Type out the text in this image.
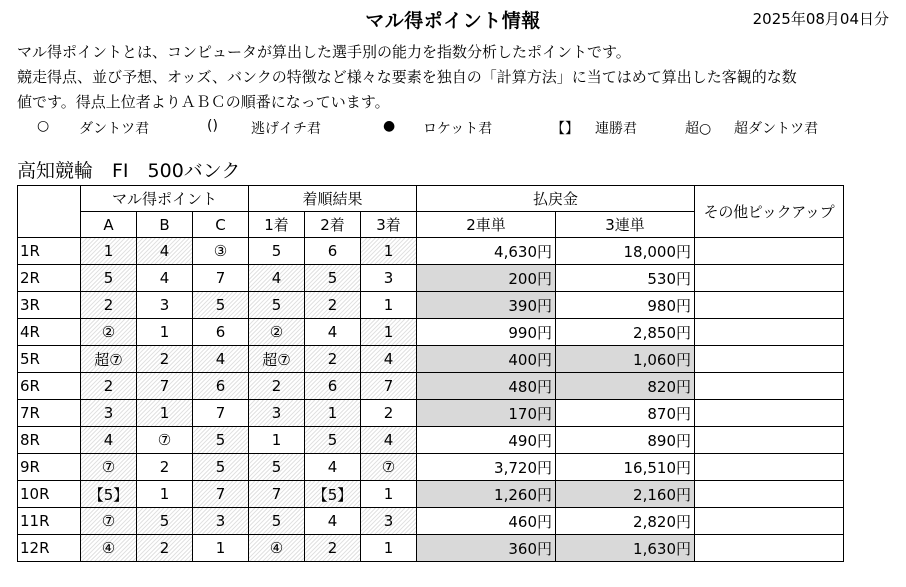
マル得ポイント情報	2025年08月04日分
マル得ポイントとは、コンピュータが算出した選手別の能力を指数分析したポイントです。
競走得点、並び予想、オッズ、バンクの特徴など様々な要素を独自の「計算方法」に当てはめて算出した客観的な数
値です。得点上位者よりＡＢＣの順番になっています。
○ ダントツ君	() 逃げイチ君	● ロケット君	【】 連勝君	超○ 超ダントツ君
高知競輪　FI　500バンク
	マル得ポイント			着順結果			払戻金		その他ピックアップ
	A	B	C	1着	2着	3着	2車単	3連単	
1R	1	4	③	5	6	1	4,630円	18,000円	
2R	5	4	7	4	5	3	200円	530円	
3R	2	3	5	5	2	1	390円	980円	
4R	②	1	6	②	4	1	990円	2,850円	
5R	超⑦	2	4	超⑦	2	4	400円	1,060円	
6R	2	7	6	2	6	7	480円	820円	
7R	3	1	7	3	1	2	170円	870円	
8R	4	⑦	5	1	5	4	490円	890円	
9R	⑦	2	5	5	4	⑦	3,720円	16,510円	
10R	【5】	1	7	7	【5】	1	1,260円	2,160円	
11R	⑦	5	3	5	4	3	460円	2,820円	
12R	④	2	1	④	2	1	360円	1,630円	
